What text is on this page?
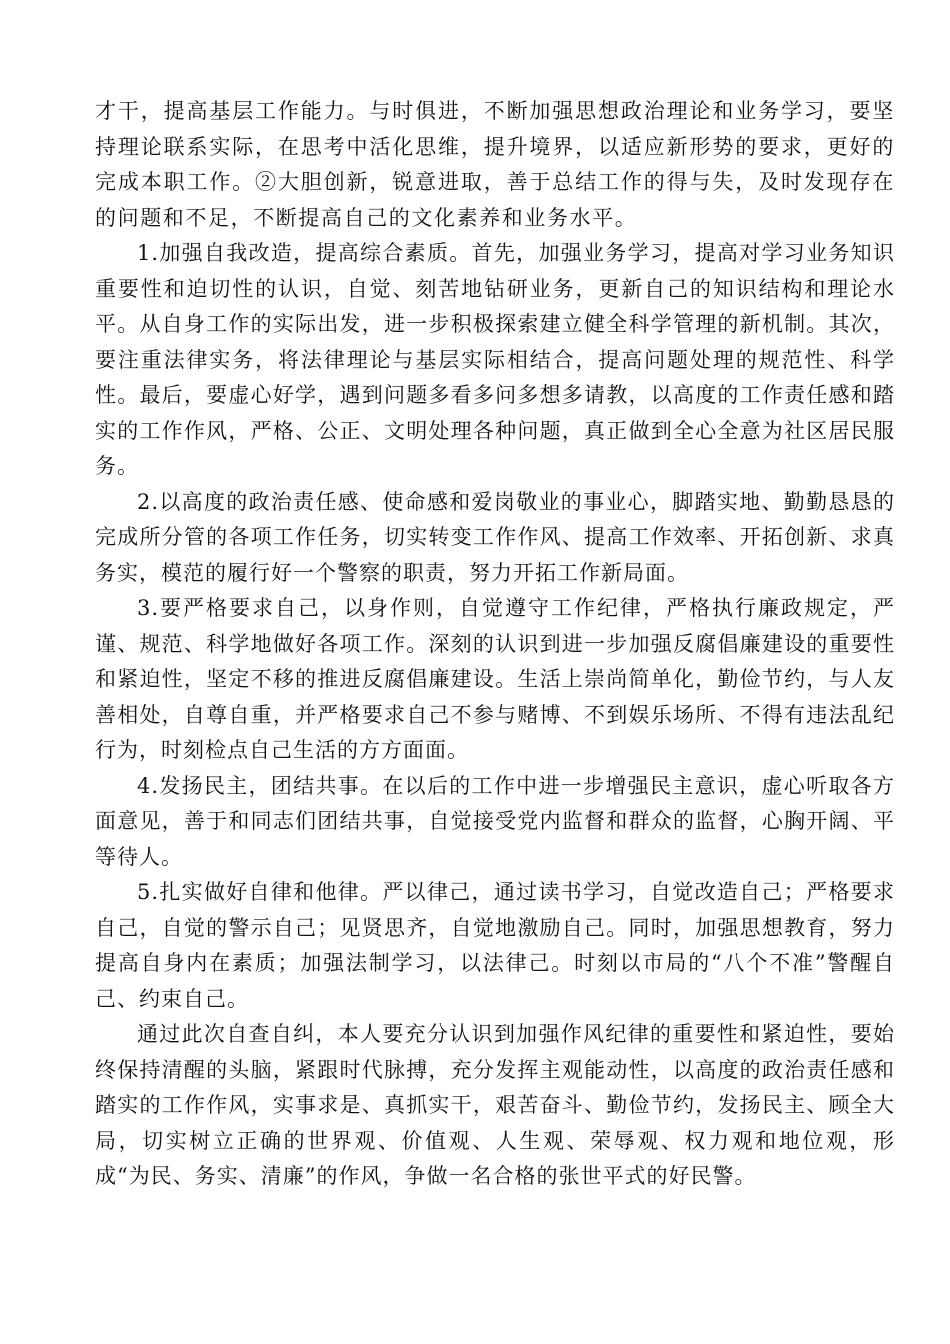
才干，提高基层工作能力。与时俱进，不断加强思想政治理论和业务学习，要坚持理论联系实际，在思考中活化思维，提升境界，以适应新形势的要求，更好的完成本职工作。②大胆创新，锐意进取，善于总结工作的得与失，及时发现存在的问题和不足，不断提高自己的文化素养和业务水平。

1.加强自我改造，提高综合素质。首先，加强业务学习，提高对学习业务知识重要性和迫切性的认识，自觉、刻苦地钻研业务，更新自己的知识结构和理论水平。从自身工作的实际出发，进一步积极探索建立健全科学管理的新机制。其次，要注重法律实务，将法律理论与基层实际相结合，提高问题处理的规范性、科学性。最后，要虚心好学，遇到问题多看多问多想多请教，以高度的工作责任感和踏实的工作作风，严格、公正、文明处理各种问题，真正做到全心全意为社区居民服务。

2.以高度的政治责任感、使命感和爱岗敬业的事业心，脚踏实地、勤勤恳恳的完成所分管的各项工作任务，切实转变工作作风、提高工作效率、开拓创新、求真务实，模范的履行好一个警察的职责，努力开拓工作新局面。

3.要严格要求自己，以身作则，自觉遵守工作纪律，严格执行廉政规定，严谨、规范、科学地做好各项工作。深刻的认识到进一步加强反腐倡廉建设的重要性和紧迫性，坚定不移的推进反腐倡廉建设。生活上崇尚简单化，勤俭节约，与人友善相处，自尊自重，并严格要求自己不参与赌博、不到娱乐场所、不得有违法乱纪行为，时刻检点自己生活的方方面面。

4.发扬民主，团结共事。在以后的工作中进一步增强民主意识，虚心听取各方面意见，善于和同志们团结共事，自觉接受党内监督和群众的监督，心胸开阔、平等待人。

5.扎实做好自律和他律。严以律己，通过读书学习，自觉改造自己；严格要求自己，自觉的警示自己；见贤思齐，自觉地激励自己。同时，加强思想教育，努力提高自身内在素质；加强法制学习，以法律己。时刻以市局的“八个不准”警醒自己、约束自己。

通过此次自查自纠，本人要充分认识到加强作风纪律的重要性和紧迫性，要始终保持清醒的头脑，紧跟时代脉搏，充分发挥主观能动性，以高度的政治责任感和踏实的工作作风，实事求是、真抓实干，艰苦奋斗、勤俭节约，发扬民主、顾全大局，切实树立正确的世界观、价值观、人生观、荣辱观、权力观和地位观，形成“为民、务实、清廉”的作风，争做一名合格的张世平式的好民警。
